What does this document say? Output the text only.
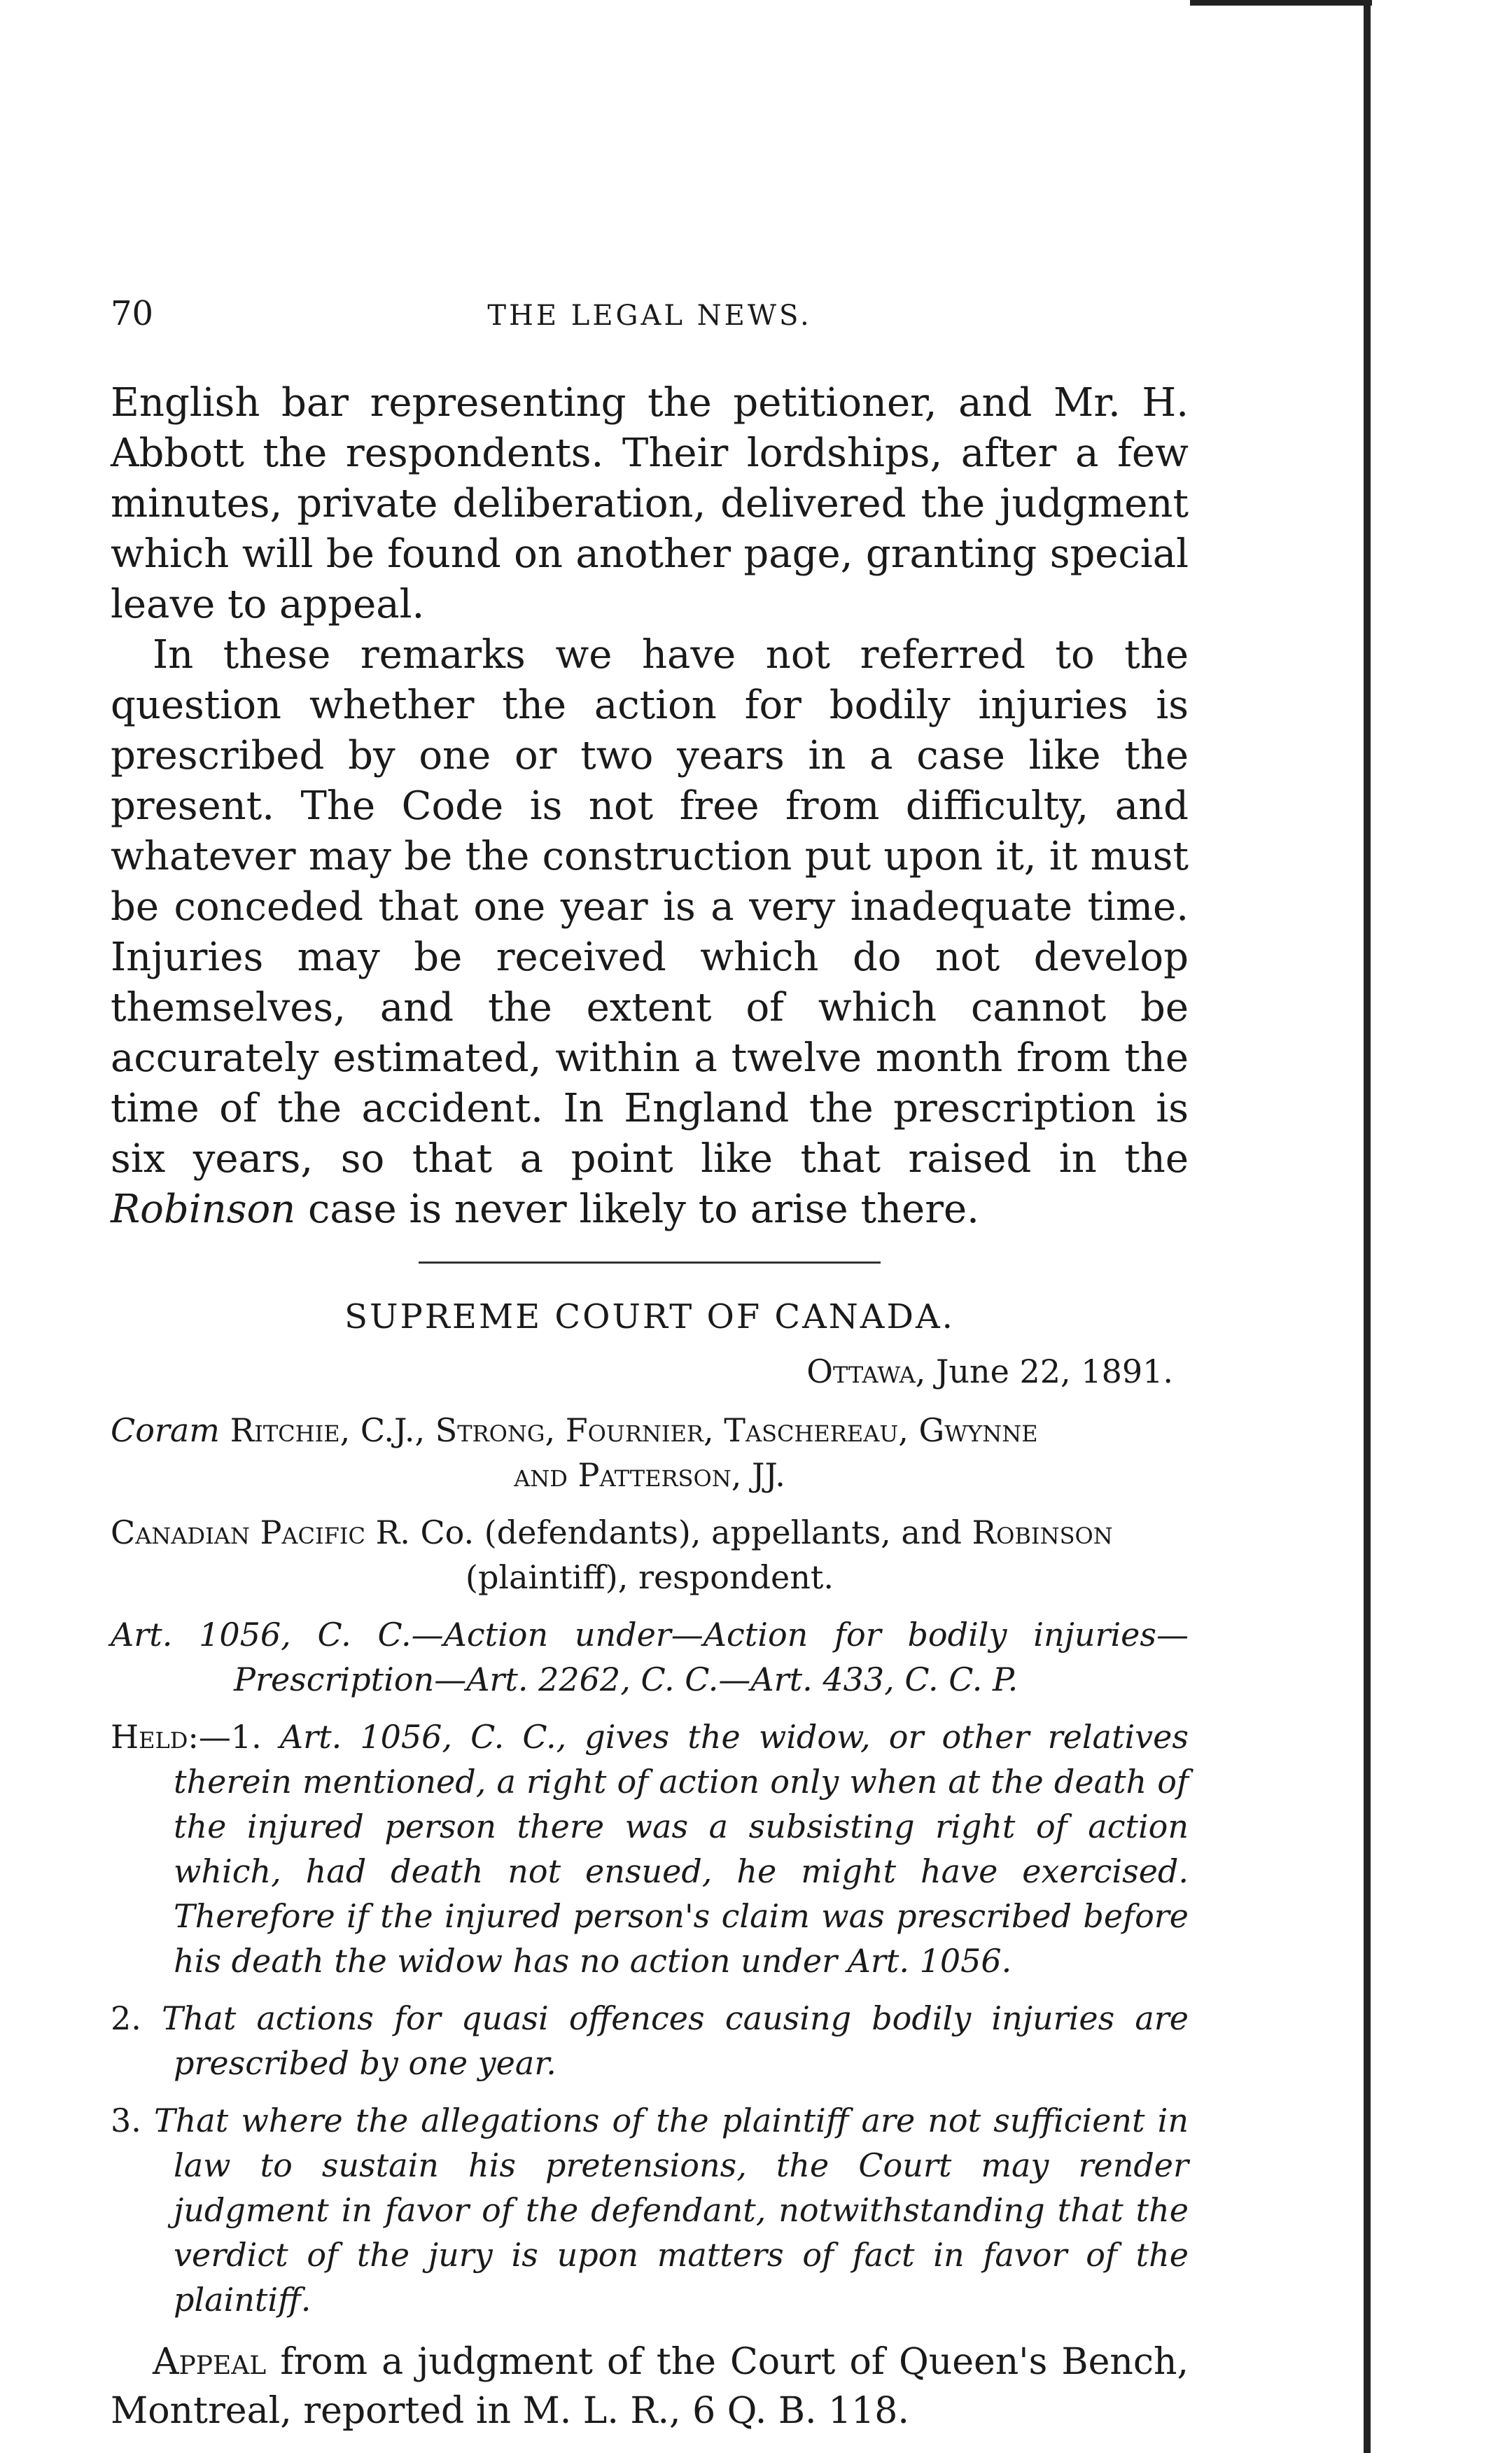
70	THE LEGAL NEWS.

English bar representing the petitioner, and Mr. H. Abbott the respondents. Their lordships, after a few minutes, private deliberation, delivered the judgment which will be found on another page, granting special leave to appeal.

In these remarks we have not referred to the question whether the action for bodily injuries is prescribed by one or two years in a case like the present. The Code is not free from difficulty, and whatever may be the construction put upon it, it must be conceded that one year is a very inadequate time. Injuries may be received which do not develop themselves, and the extent of which cannot be accurately estimated, within a twelve month from the time of the accident. In England the prescription is six years, so that a point like that raised in the Robinson case is never likely to arise there.

SUPREME COURT OF CANADA.

Ottawa, June 22, 1891.

Coram Ritchie, C.J., Strong, Fournier, Taschereau, Gwynne

and Patterson, JJ.

Canadian Pacific R. Co. (defendants), appellants, and Robinson

(plaintiff), respondent.

Art. 1056, C. C.—Action under—Action for bodily injuries—Prescription—Art. 2262, C. C.—Art. 433, C. C. P.

Held:—1. Art. 1056, C. C., gives the widow, or other relatives therein mentioned, a right of action only when at the death of the injured person there was a subsisting right of action which, had death not ensued, he might have exercised. Therefore if the injured person's claim was prescribed before his death the widow has no action under Art. 1056.

2. That actions for quasi offences causing bodily injuries are prescribed by one year.

3. That where the allegations of the plaintiff are not sufficient in law to sustain his pretensions, the Court may render judgment in favor of the defendant, notwithstanding that the verdict of the jury is upon matters of fact in favor of the plaintiff.

Appeal from a judgment of the Court of Queen's Bench, Montreal, reported in M. L. R., 6 Q. B. 118.
